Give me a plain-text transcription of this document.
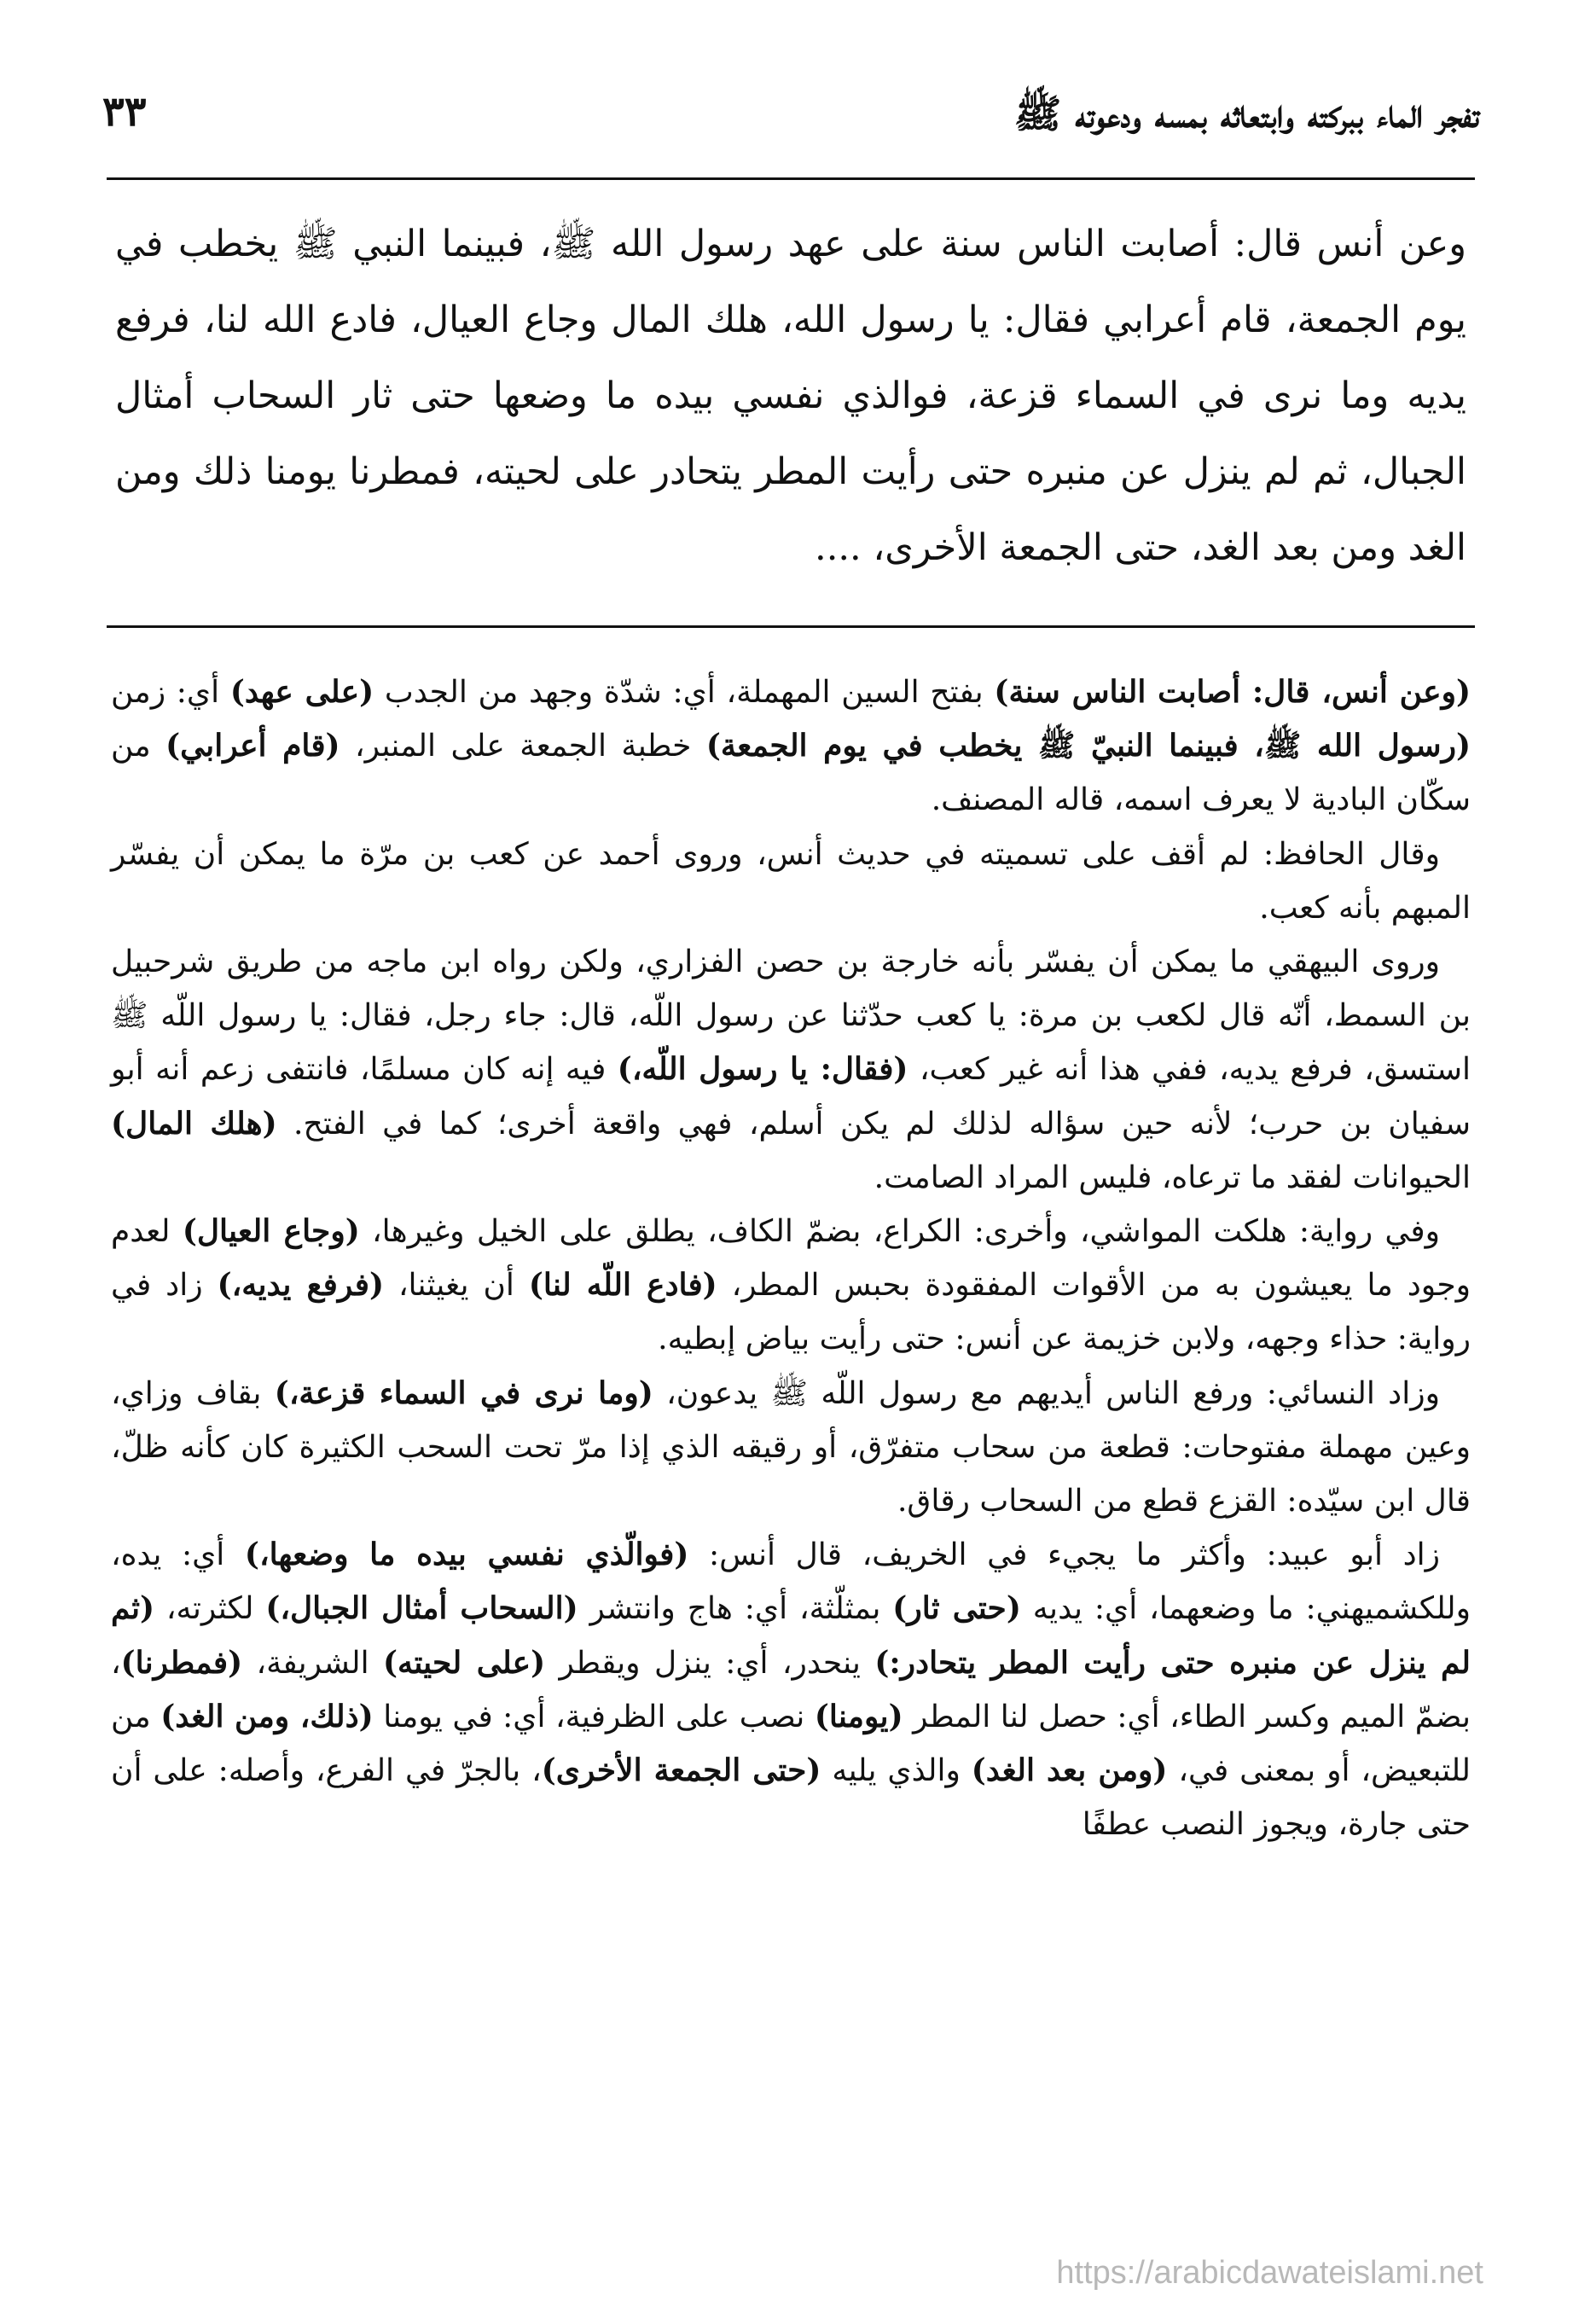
تفجر الماء ببركته وابتعاثه بمسه ودعوته ﷺ
٣٣
وعن أنس قال: أصابت الناس سنة على عهد رسول الله ﷺ، فبينما النبي ﷺ يخطب في يوم الجمعة، قام أعرابي فقال: يا رسول الله، هلك المال وجاع العيال، فادع الله لنا، فرفع يديه وما نرى في السماء قزعة، فوالذي نفسي بيده ما وضعها حتى ثار السحاب أمثال الجبال، ثم لم ينزل عن منبره حتى رأيت المطر يتحادر على لحيته، فمطرنا يومنا ذلك ومن الغد ومن بعد الغد، حتى الجمعة الأخرى، ....

(وعن أنس، قال: أصابت الناس سنة) بفتح السين المهملة، أي: شدّة وجهد من الجدب (على عهد) أي: زمن (رسول الله ﷺ، فبينما النبيّ ﷺ يخطب في يوم الجمعة) خطبة الجمعة على المنبر، (قام أعرابي) من سكّان البادية لا يعرف اسمه، قاله المصنف.

وقال الحافظ: لم أقف على تسميته في حديث أنس، وروى أحمد عن كعب بن مرّة ما يمكن أن يفسّر المبهم بأنه كعب.

وروى البيهقي ما يمكن أن يفسّر بأنه خارجة بن حصن الفزاري، ولكن رواه ابن ماجه من طريق شرحبيل بن السمط، أنّه قال لكعب بن مرة: يا كعب حدّثنا عن رسول اللّه، قال: جاء رجل، فقال: يا رسول اللّه ﷺ استسق، فرفع يديه، ففي هذا أنه غير كعب، (فقال: يا رسول اللّه،) فيه إنه كان مسلمًا، فانتفى زعم أنه أبو سفيان بن حرب؛ لأنه حين سؤاله لذلك لم يكن أسلم، فهي واقعة أخرى؛ كما في الفتح. (هلك المال) الحيوانات لفقد ما ترعاه، فليس المراد الصامت.

وفي رواية: هلكت المواشي، وأخرى: الكراع، بضمّ الكاف، يطلق على الخيل وغيرها، (وجاع العيال) لعدم وجود ما يعيشون به من الأقوات المفقودة بحبس المطر، (فادع اللّه لنا) أن يغيثنا، (فرفع يديه،) زاد في رواية: حذاء وجهه، ولابن خزيمة عن أنس: حتى رأيت بياض إبطيه.

وزاد النسائي: ورفع الناس أيديهم مع رسول اللّه ﷺ يدعون، (وما نرى في السماء قزعة،) بقاف وزاي، وعين مهملة مفتوحات: قطعة من سحاب متفرّق، أو رقيقه الذي إذا مرّ تحت السحب الكثيرة كان كأنه ظلّ، قال ابن سيّده: القزع قطع من السحاب رقاق.

زاد أبو عبيد: وأكثر ما يجيء في الخريف، قال أنس: (فوالّذي نفسي بيده ما وضعها،) أي: يده، وللكشميهني: ما وضعهما، أي: يديه (حتى ثار) بمثلّثة، أي: هاج وانتشر (السحاب أمثال الجبال،) لكثرته، (ثم لم ينزل عن منبره حتى رأيت المطر يتحادر:) ينحدر، أي: ينزل ويقطر (على لحيته) الشريفة، (فمطرنا)، بضمّ الميم وكسر الطاء، أي: حصل لنا المطر (يومنا) نصب على الظرفية، أي: في يومنا (ذلك، ومن الغد) من للتبعيض، أو بمعنى في، (ومن بعد الغد) والذي يليه (حتى الجمعة الأخرى)، بالجرّ في الفرع، وأصله: على أن حتى جارة، ويجوز النصب عطفًا

https://arabicdawateislami.net
